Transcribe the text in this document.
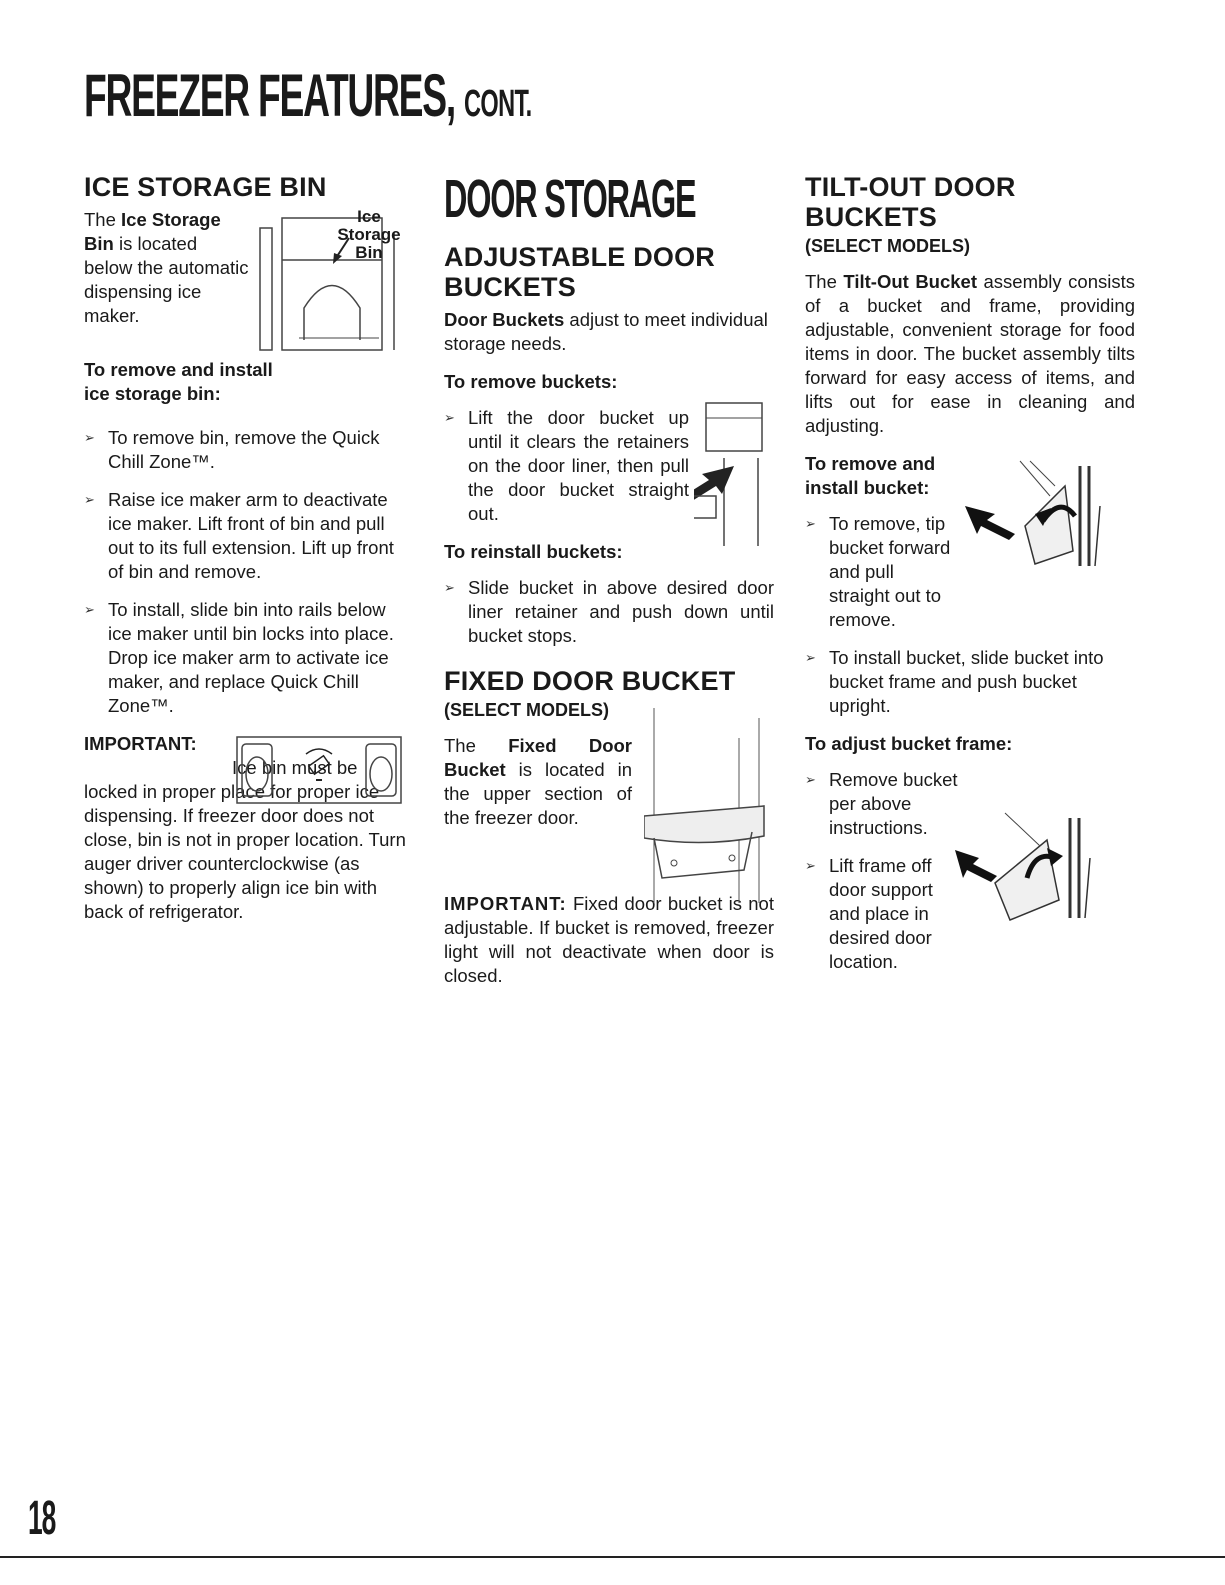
FREEZER FEATURES, CONT.
ICE STORAGE BIN

The Ice Storage Bin is located below the automatic dispensing ice maker.

Ice Storage Bin

To remove and install ice storage bin:

➢ To remove bin, remove the Quick Chill Zone™.
➢ Raise ice maker arm to deactivate ice maker. Lift front of bin and pull out to its full extension. Lift up front of bin and remove.
➢ To install, slide bin into rails below ice maker until bin locks into place. Drop ice maker arm to activate ice maker, and replace Quick Chill Zone™.
IMPORTANT:

Ice bin must be locked in proper place for proper ice dispensing. If freezer door does not close, bin is not in proper location. Turn auger driver counterclockwise (as shown) to properly align ice bin with back of refrigerator.

DOOR STORAGE
ADJUSTABLE DOOR BUCKETS

Door Buckets adjust to meet individual storage needs.

To remove buckets:

➢ Lift the door bucket up until it clears the retainers on the door liner, then pull the door bucket straight out.

To reinstall buckets:

➢ Slide bucket in above desired door liner retainer and push down until bucket stops.
FIXED DOOR BUCKET
(SELECT MODELS)

The Fixed Door Bucket is located in the upper section of the freezer door.

IMPORTANT: Fixed door bucket is not adjustable. If bucket is removed, freezer light will not deactivate when door is closed.

TILT-OUT DOOR BUCKETS
(SELECT MODELS)

The Tilt-Out Bucket assembly consists of a bucket and frame, providing adjustable, convenient storage for food items in door. The bucket assembly tilts forward for easy access of items, and lifts out for ease in cleaning and adjusting.

To remove and install bucket:

➢ To remove, tip bucket forward and pull straight out to remove.
➢ To install bucket, slide bucket into bucket frame and push bucket upright.

To adjust bucket frame:

➢ Remove bucket per above instructions.
➢ Lift frame off door support and place in desired door location.
18
